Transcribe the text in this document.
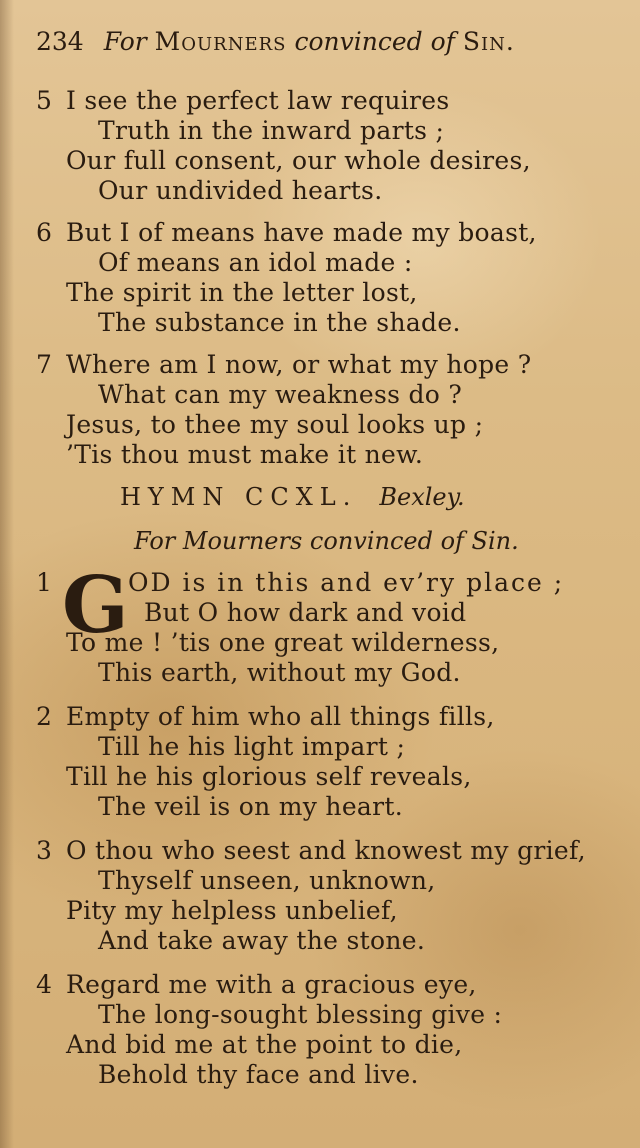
234 For Mourners convinced of Sin.
5 I see the perfect law requires
Truth in the inward parts ;
Our full consent, our whole desires,
Our undivided hearts.
6 But I of means have made my boast,
Of means an idol made :
The spirit in the letter lost,
The substance in the shade.
7 Where am I now, or what my hope ?
What can my weakness do ?
Jesus, to thee my soul looks up ;
’Tis thou must make it new.
HYMN CCXL. Bexley.
For Mourners convinced of Sin.
1 G OD is in this and ev’ry place ;
But O how dark and void
To me ! ’tis one great wilderness,
This earth, without my God.
2 Empty of him who all things fills,
Till he his light impart ;
Till he his glorious self reveals,
The veil is on my heart.
3 O thou who seest and knowest my grief,
Thyself unseen, unknown,
Pity my helpless unbelief,
And take away the stone.
4 Regard me with a gracious eye,
The long-sought blessing give :
And bid me at the point to die,
Behold thy face and live.
